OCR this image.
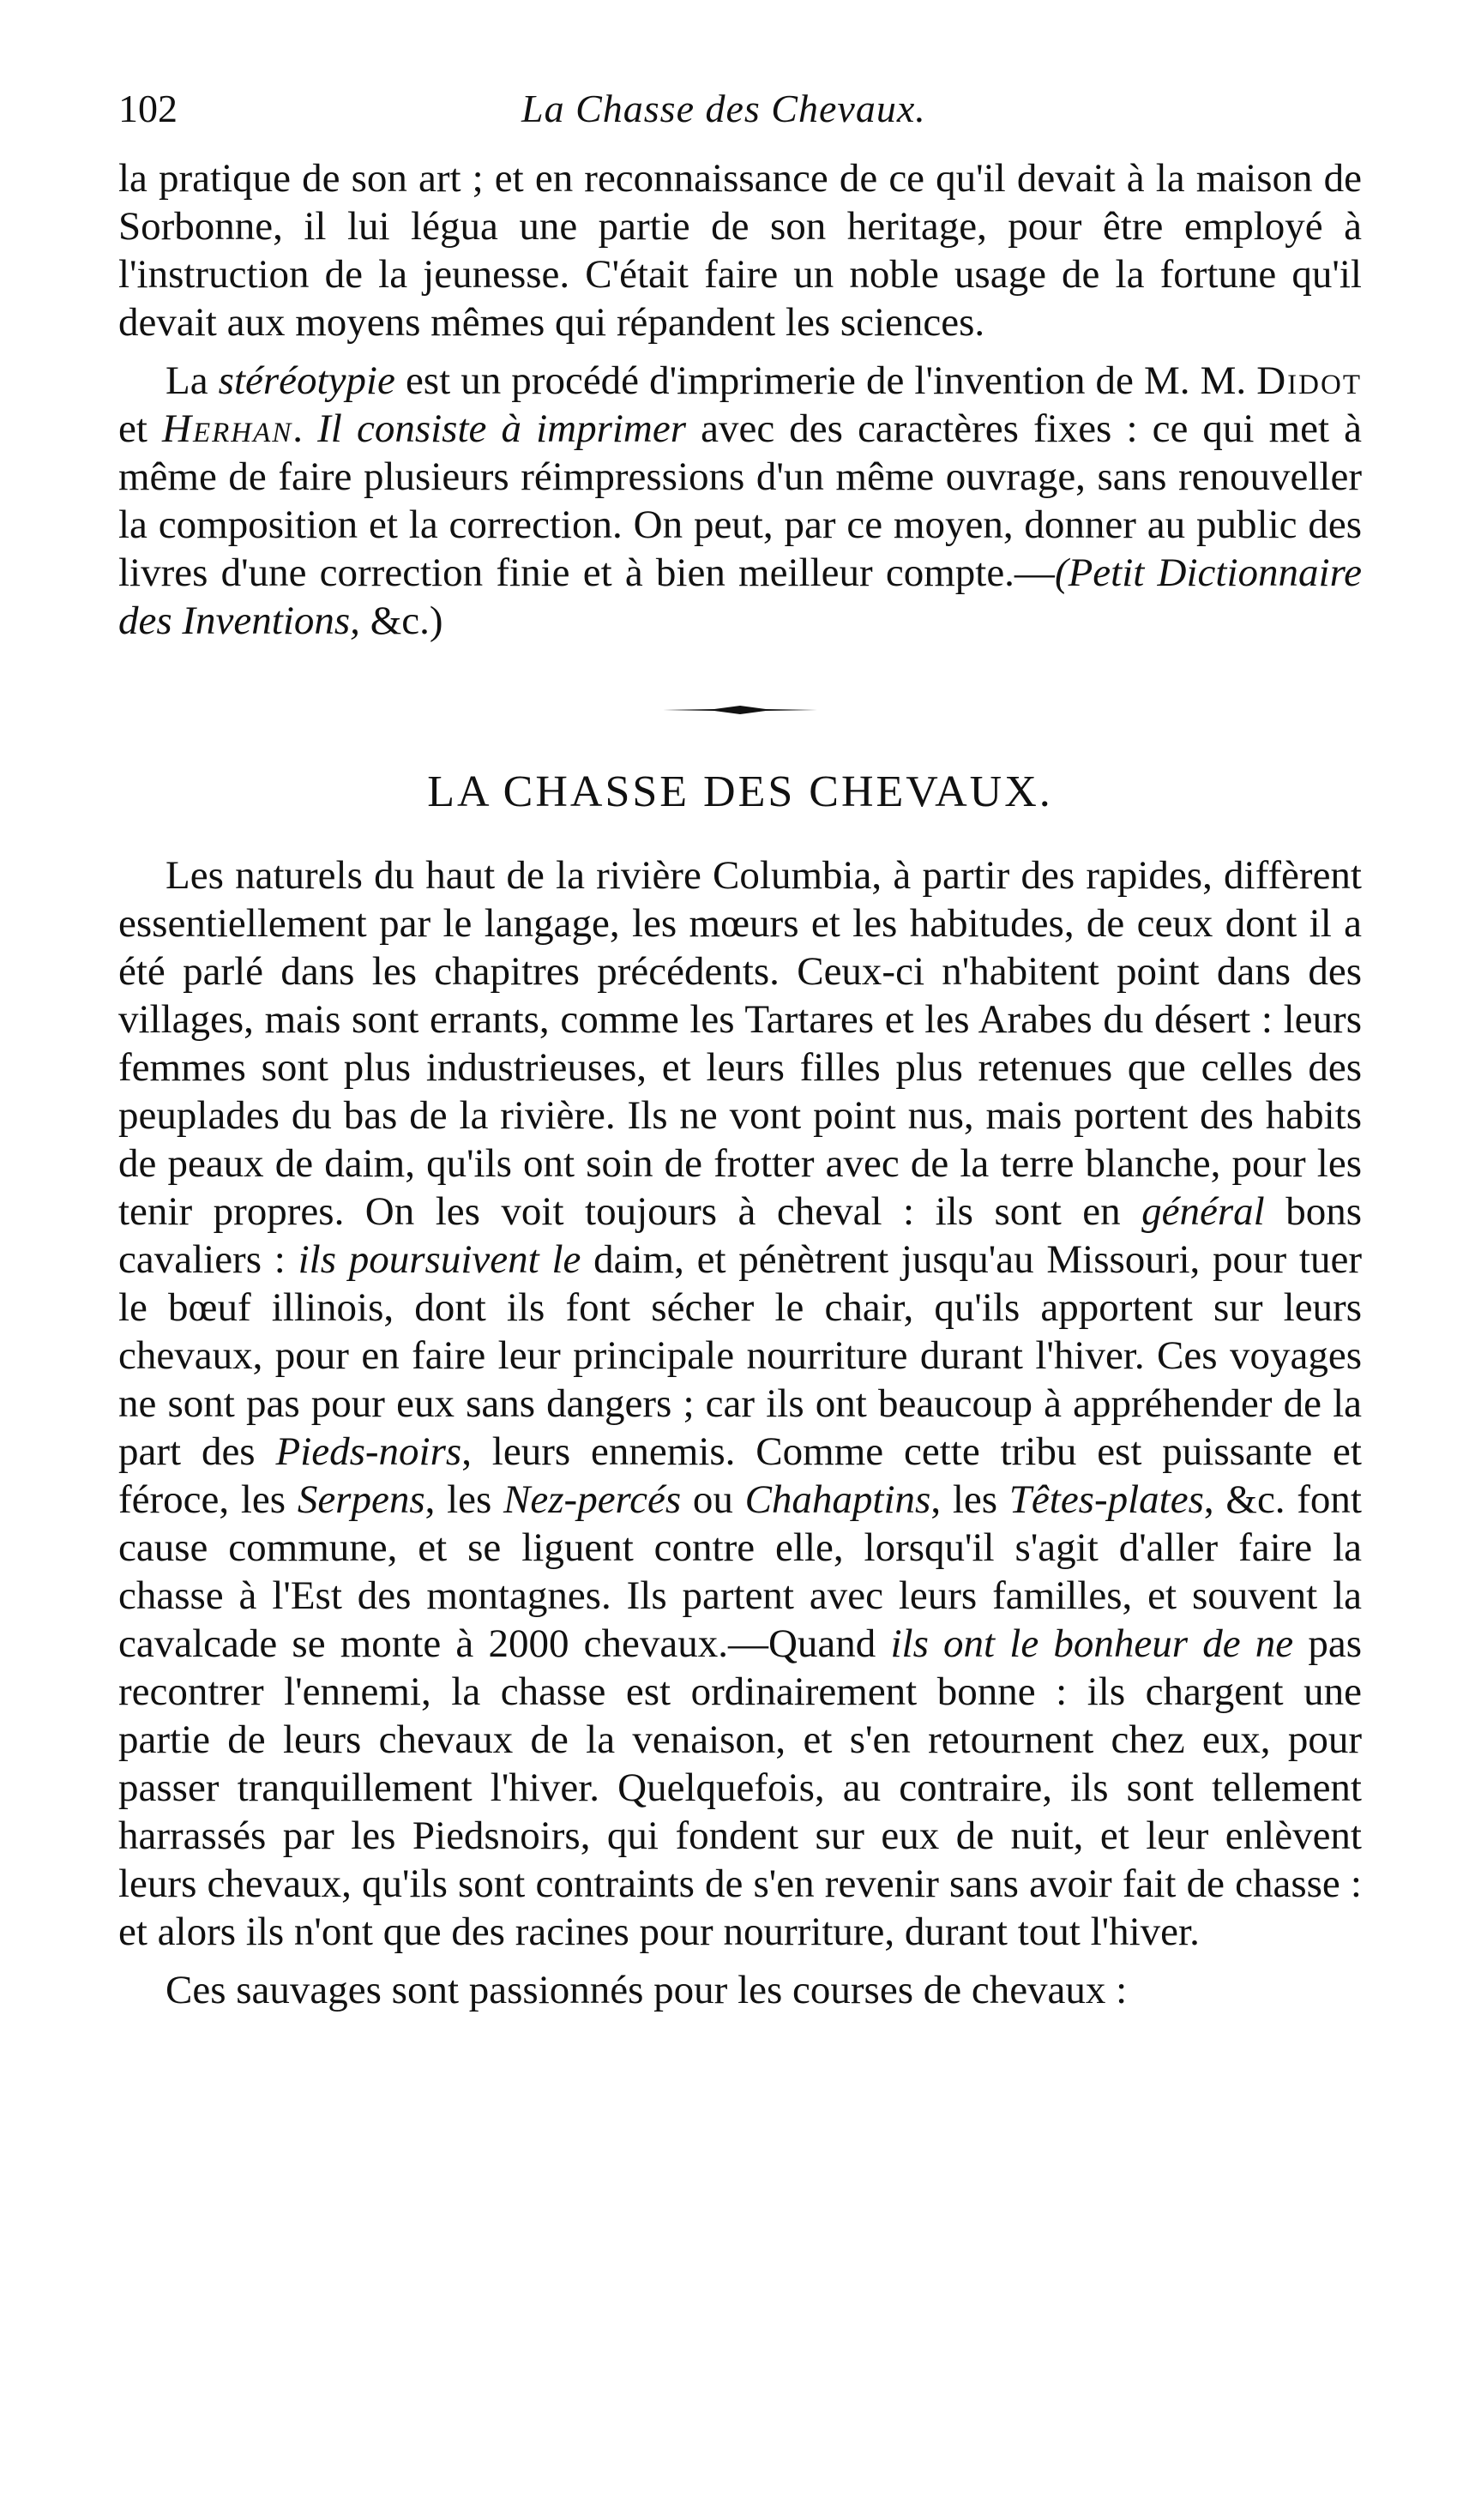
102	La Chasse des Chevaux.

la pratique de son art ; et en reconnaissance de ce qu'il devait à la maison de Sorbonne, il lui légua une partie de son heritage, pour être employé à l'instruction de la jeunesse. C'était faire un noble usage de la fortune qu'il devait aux moyens mêmes qui répandent les sciences.

La stéréotypie est un procédé d'imprimerie de l'invention de M. M. Didot et Herhan. Il consiste à imprimer avec des caractères fixes : ce qui met à même de faire plusieurs réimpressions d'un même ouvrage, sans renouveller la composition et la correction. On peut, par ce moyen, donner au public des livres d'une correction finie et à bien meilleur compte.—(Petit Dictionnaire des Inventions, &c.)

LA CHASSE DES CHEVAUX.

Les naturels du haut de la rivière Columbia, à partir des rapides, diffèrent essentiellement par le langage, les mœurs et les habitudes, de ceux dont il a été parlé dans les chapitres précédents. Ceux-ci n'habitent point dans des villages, mais sont errants, comme les Tartares et les Arabes du désert : leurs femmes sont plus industrieuses, et leurs filles plus retenues que celles des peuplades du bas de la rivière. Ils ne vont point nus, mais portent des habits de peaux de daim, qu'ils ont soin de frotter avec de la terre blanche, pour les tenir propres. On les voit toujours à cheval : ils sont en général bons cavaliers : ils poursuivent le daim, et pénètrent jusqu'au Missouri, pour tuer le bœuf illinois, dont ils font sécher le chair, qu'ils apportent sur leurs chevaux, pour en faire leur principale nourriture durant l'hiver. Ces voyages ne sont pas pour eux sans dangers ; car ils ont beaucoup à appréhender de la part des Pieds-noirs, leurs ennemis. Comme cette tribu est puissante et féroce, les Serpens, les Nez-percés ou Chahaptins, les Têtes-plates, &c. font cause commune, et se liguent contre elle, lorsqu'il s'agit d'aller faire la chasse à l'Est des montagnes. Ils partent avec leurs familles, et souvent la cavalcade se monte à 2000 chevaux.—Quand ils ont le bonheur de ne pas recontrer l'ennemi, la chasse est ordinairement bonne : ils chargent une partie de leurs chevaux de la venaison, et s'en retournent chez eux, pour passer tranquillement l'hiver. Quelquefois, au contraire, ils sont tellement harrassés par les Piedsnoirs, qui fondent sur eux de nuit, et leur enlèvent leurs chevaux, qu'ils sont contraints de s'en revenir sans avoir fait de chasse : et alors ils n'ont que des racines pour nourriture, durant tout l'hiver.

Ces sauvages sont passionnés pour les courses de chevaux :
